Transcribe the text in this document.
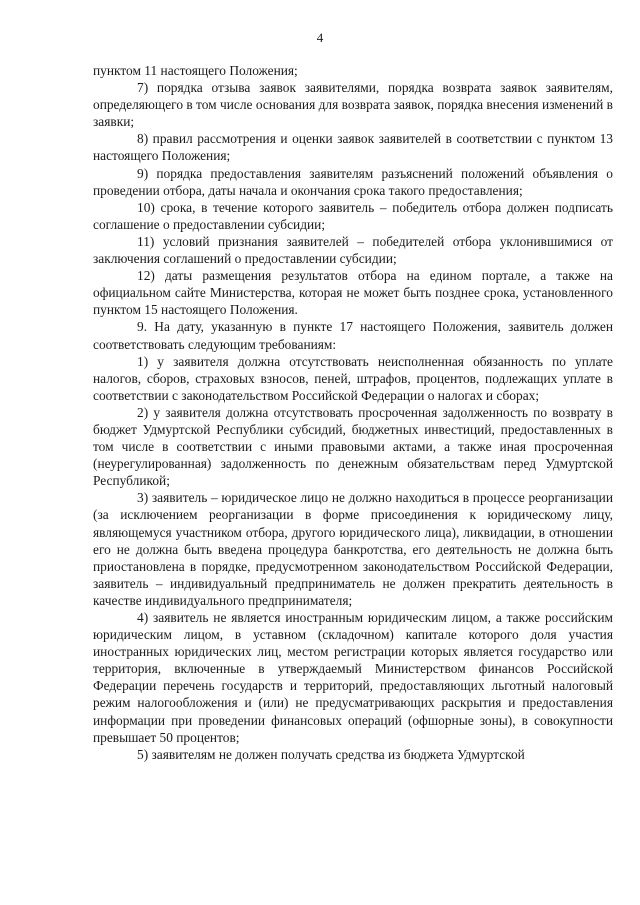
4

пунктом 11 настоящего Положения;

7) порядка отзыва заявок заявителями, порядка возврата заявок заявителям, определяющего в том числе основания для возврата заявок, порядка внесения изменений в заявки;

8) правил рассмотрения и оценки заявок заявителей в соответствии с пунктом 13 настоящего Положения;

9) порядка предоставления заявителям разъяснений положений объявления о проведении отбора, даты начала и окончания срока такого предоставления;

10) срока, в течение которого заявитель – победитель отбора должен подписать соглашение о предоставлении субсидии;

11) условий признания заявителей – победителей отбора уклонившимися от заключения соглашений о предоставлении субсидии;

12) даты размещения результатов отбора на едином портале, а также на официальном сайте Министерства, которая не может быть позднее срока, установленного пунктом 15 настоящего Положения.

9. На дату, указанную в пункте 17 настоящего Положения, заявитель должен соответствовать следующим требованиям:

1) у заявителя должна отсутствовать неисполненная обязанность по уплате налогов, сборов, страховых взносов, пеней, штрафов, процентов, подлежащих уплате в соответствии с законодательством Российской Федерации о налогах и сборах;

2) у заявителя должна отсутствовать просроченная задолженность по возврату в бюджет Удмуртской Республики субсидий, бюджетных инвестиций, предоставленных в том числе в соответствии с иными правовыми актами, а также иная просроченная (неурегулированная) задолженность по денежным обязательствам перед Удмуртской Республикой;

3) заявитель – юридическое лицо не должно находиться в процессе реорганизации (за исключением реорганизации в форме присоединения к юридическому лицу, являющемуся участником отбора, другого юридического лица), ликвидации, в отношении его не должна быть введена процедура банкротства, его деятельность не должна быть приостановлена в порядке, предусмотренном законодательством Российской Федерации, заявитель – индивидуальный предприниматель не должен прекратить деятельность в качестве индивидуального предпринимателя;

4) заявитель не является иностранным юридическим лицом, а также российским юридическим лицом, в уставном (складочном) капитале которого доля участия иностранных юридических лиц, местом регистрации которых является государство или территория, включенные в утверждаемый Министерством финансов Российской Федерации перечень государств и территорий, предоставляющих льготный налоговый режим налогообложения и (или) не предусматривающих раскрытия и предоставления информации при проведении финансовых операций (офшорные зоны), в совокупности превышает 50 процентов;

5) заявителям не должен получать средства из бюджета Удмуртской
